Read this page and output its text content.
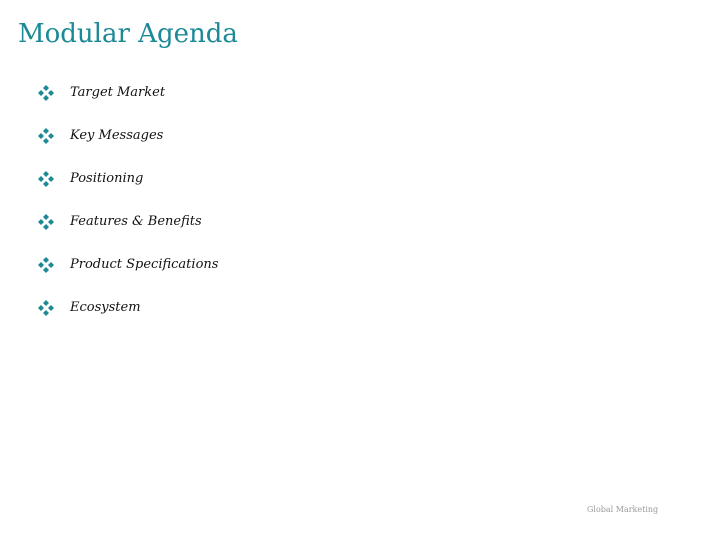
Modular Agenda
Target Market
Key Messages
Positioning
Features & Benefits
Product Specifications
Ecosystem
Global Marketing
